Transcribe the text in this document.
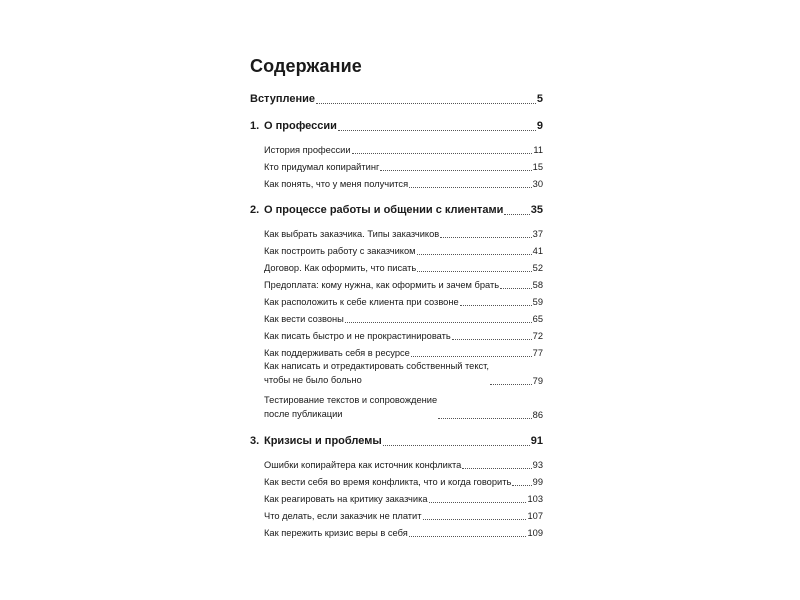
Содержание
Вступление	5
1. О профессии	9
История профессии	11
Кто придумал копирайтинг	15
Как понять, что у меня получится	30
2. О процессе работы и общении с клиентами 35
Как выбрать заказчика. Типы заказчиков	37
Как построить работу с заказчиком	41
Договор. Как оформить, что писать	52
Предоплата: кому нужна, как оформить и зачем брать	58
Как расположить к себе клиента при созвоне	59
Как вести созвоны	65
Как писать быстро и не прокрастинировать	72
Как поддерживать себя в ресурсе	77
Как написать и отредактировать собственный текст,
чтобы не было больно	79
Тестирование текстов и сопровождение
после публикации	86
3. Кризисы и проблемы	91
Ошибки копирайтера как источник конфликта	93
Как вести себя во время конфликта, что и когда говорить 99
Как реагировать на критику заказчика	103
Что делать, если заказчик не платит	107
Как пережить кризис веры в себя	109
